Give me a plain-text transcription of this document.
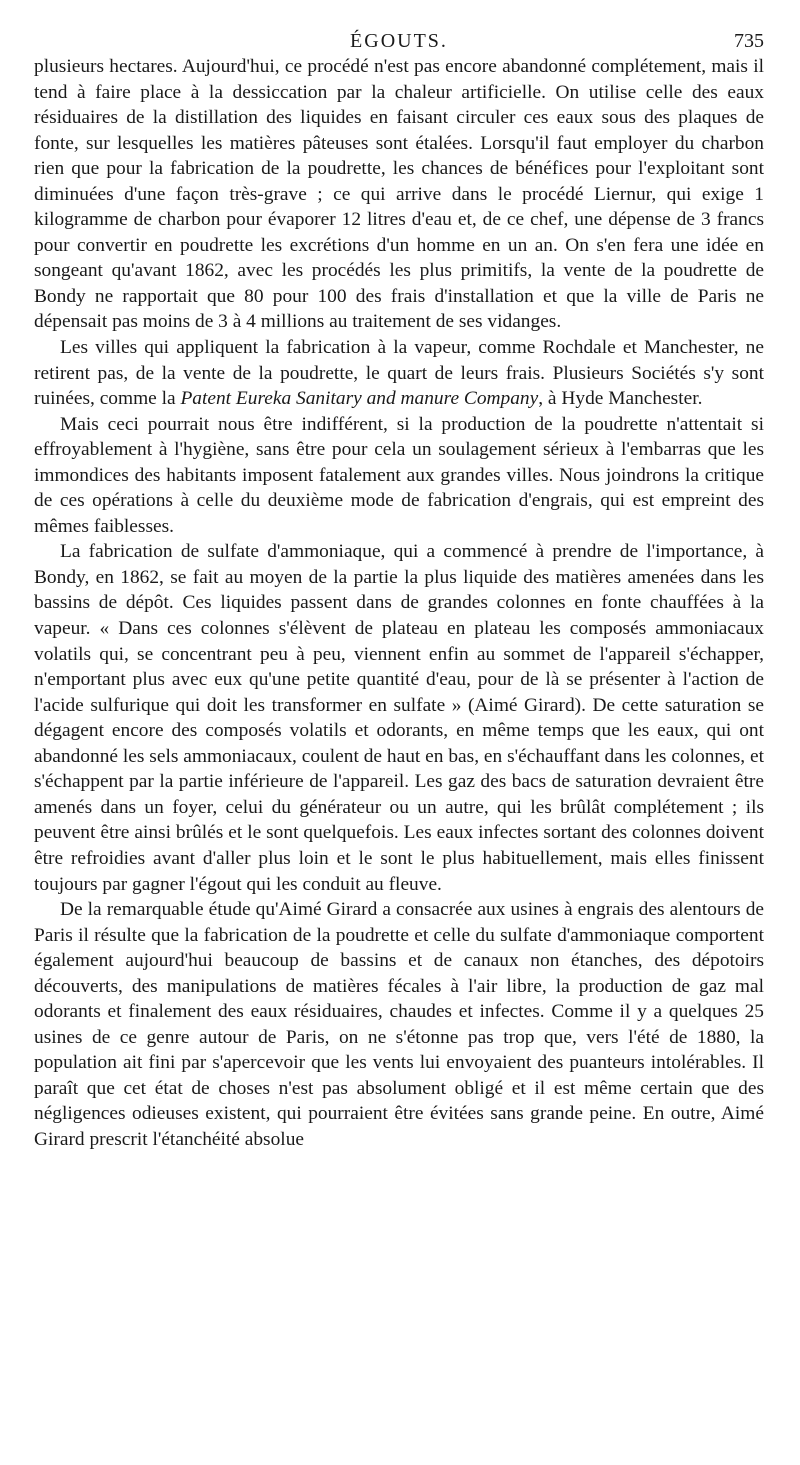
ÉGOUTS.	735

plusieurs hectares. Aujourd'hui, ce procédé n'est pas encore abandonné complétement, mais il tend à faire place à la dessiccation par la chaleur artificielle. On utilise celle des eaux résiduaires de la distillation des liquides en faisant circuler ces eaux sous des plaques de fonte, sur lesquelles les matières pâteuses sont étalées. Lorsqu'il faut employer du charbon rien que pour la fabrication de la poudrette, les chances de bénéfices pour l'exploitant sont diminuées d'une façon très-grave ; ce qui arrive dans le procédé Liernur, qui exige 1 kilogramme de charbon pour évaporer 12 litres d'eau et, de ce chef, une dépense de 3 francs pour convertir en poudrette les excrétions d'un homme en un an. On s'en fera une idée en songeant qu'avant 1862, avec les procédés les plus primitifs, la vente de la poudrette de Bondy ne rapportait que 80 pour 100 des frais d'installation et que la ville de Paris ne dépensait pas moins de 3 à 4 millions au traitement de ses vidanges.

Les villes qui appliquent la fabrication à la vapeur, comme Rochdale et Manchester, ne retirent pas, de la vente de la poudrette, le quart de leurs frais. Plusieurs Sociétés s'y sont ruinées, comme la Patent Eureka Sanitary and manure Company, à Hyde Manchester.

Mais ceci pourrait nous être indifférent, si la production de la poudrette n'attentait si effroyablement à l'hygiène, sans être pour cela un soulagement sérieux à l'embarras que les immondices des habitants imposent fatalement aux grandes villes. Nous joindrons la critique de ces opérations à celle du deuxième mode de fabrication d'engrais, qui est empreint des mêmes faiblesses.

La fabrication de sulfate d'ammoniaque, qui a commencé à prendre de l'importance, à Bondy, en 1862, se fait au moyen de la partie la plus liquide des matières amenées dans les bassins de dépôt. Ces liquides passent dans de grandes colonnes en fonte chauffées à la vapeur. « Dans ces colonnes s'élèvent de plateau en plateau les composés ammoniacaux volatils qui, se concentrant peu à peu, viennent enfin au sommet de l'appareil s'échapper, n'emportant plus avec eux qu'une petite quantité d'eau, pour de là se présenter à l'action de l'acide sulfurique qui doit les transformer en sulfate » (Aimé Girard). De cette saturation se dégagent encore des composés volatils et odorants, en même temps que les eaux, qui ont abandonné les sels ammoniacaux, coulent de haut en bas, en s'échauffant dans les colonnes, et s'échappent par la partie inférieure de l'appareil. Les gaz des bacs de saturation devraient être amenés dans un foyer, celui du générateur ou un autre, qui les brûlât complétement ; ils peuvent être ainsi brûlés et le sont quelquefois. Les eaux infectes sortant des colonnes doivent être refroidies avant d'aller plus loin et le sont le plus habituellement, mais elles finissent toujours par gagner l'égout qui les conduit au fleuve.

De la remarquable étude qu'Aimé Girard a consacrée aux usines à engrais des alentours de Paris il résulte que la fabrication de la poudrette et celle du sulfate d'ammoniaque comportent également aujourd'hui beaucoup de bassins et de canaux non étanches, des dépotoirs découverts, des manipulations de matières fécales à l'air libre, la production de gaz mal odorants et finalement des eaux résiduaires, chaudes et infectes. Comme il y a quelques 25 usines de ce genre autour de Paris, on ne s'étonne pas trop que, vers l'été de 1880, la population ait fini par s'apercevoir que les vents lui envoyaient des puanteurs intolérables. Il paraît que cet état de choses n'est pas absolument obligé et il est même certain que des négligences odieuses existent, qui pourraient être évitées sans grande peine. En outre, Aimé Girard prescrit l'étanchéité absolue
